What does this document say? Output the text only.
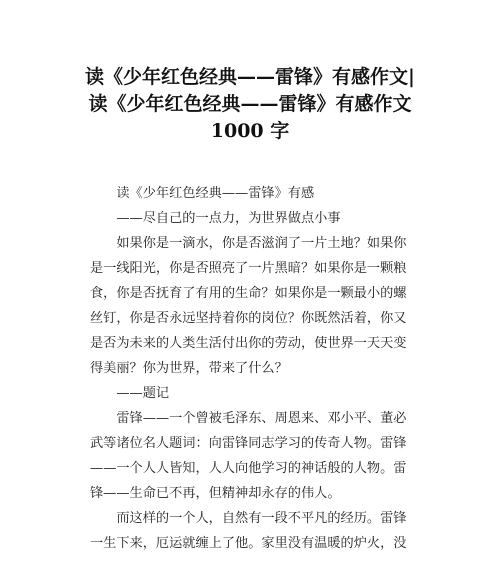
读《少年红色经典——雷锋》有感作文|
读《少年红色经典——雷锋》有感作文
1000 字
　　读《少年红色经典——雷锋》有感
　　——尽自己的一点力，为世界做点小事
　　如果你是一滴水，你是否滋润了一片土地？如果你
是一线阳光，你是否照亮了一片黑暗？如果你是一颗粮
食，你是否抚育了有用的生命？如果你是一颗最小的螺
丝钉，你是否永远坚持着你的岗位？你既然活着，你又
是否为未来的人类生活付出你的劳动，使世界一天天变
得美丽？你为世界，带来了什么？
　　——题记
　　雷锋——一个曾被毛泽东、周恩来、邓小平、董必
武等诸位名人题词：向雷锋同志学习的传奇人物。雷锋
——一个人人皆知，人人向他学习的神话般的人物。雷
锋——生命已不再，但精神却永存的伟人。
　　而这样的一个人，自然有一段不平凡的经历。雷锋
一生下来，厄运就缠上了他。家里没有温暖的炉火，没
